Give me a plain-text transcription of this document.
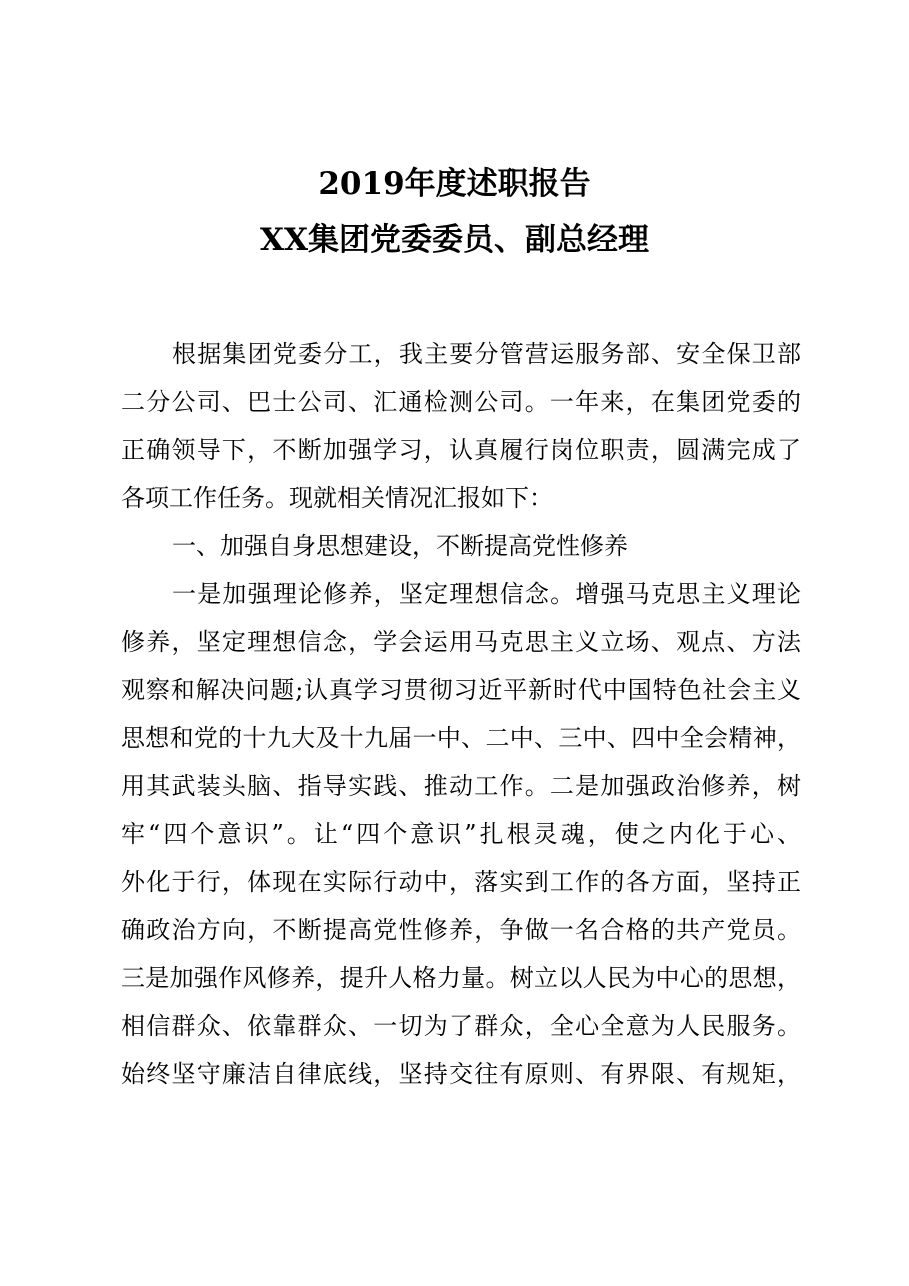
2019年度述职报告
XX集团党委委员、副总经理
根据集团党委分工，我主要分管营运服务部、安全保卫部
二分公司、巴士公司、汇通检测公司。一年来，在集团党委的
正确领导下，不断加强学习，认真履行岗位职责，圆满完成了
各项工作任务。现就相关情况汇报如下：
一、加强自身思想建设，不断提高党性修养
一是加强理论修养，坚定理想信念。增强马克思主义理论
修养，坚定理想信念，学会运用马克思主义立场、观点、方法
观察和解决问题;认真学习贯彻习近平新时代中国特色社会主义
思想和党的十九大及十九届一中、二中、三中、四中全会精神，
用其武装头脑、指导实践、推动工作。二是加强政治修养，树
牢“四个意识”。让“四个意识”扎根灵魂，使之内化于心、
外化于行，体现在实际行动中，落实到工作的各方面，坚持正
确政治方向，不断提高党性修养，争做一名合格的共产党员。
三是加强作风修养，提升人格力量。树立以人民为中心的思想，
相信群众、依靠群众、一切为了群众，全心全意为人民服务。
始终坚守廉洁自律底线，坚持交往有原则、有界限、有规矩，
